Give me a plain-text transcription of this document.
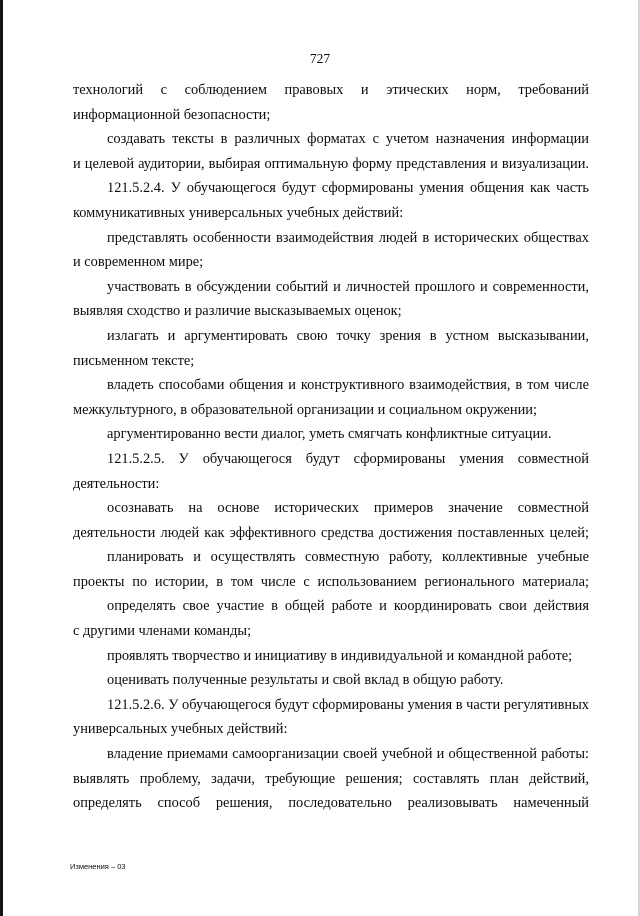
727
технологий с соблюдением правовых и этических норм, требований
информационной безопасности;
создавать тексты в различных форматах с учетом назначения информации
и целевой аудитории, выбирая оптимальную форму представления и визуализации.
121.5.2.4. У обучающегося будут сформированы умения общения как часть
коммуникативных универсальных учебных действий:
представлять особенности взаимодействия людей в исторических обществах
и современном мире;
участвовать в обсуждении событий и личностей прошлого и современности,
выявляя сходство и различие высказываемых оценок;
излагать и аргументировать свою точку зрения в устном высказывании,
письменном тексте;
владеть способами общения и конструктивного взаимодействия, в том числе
межкультурного, в образовательной организации и социальном окружении;
аргументированно вести диалог, уметь смягчать конфликтные ситуации.
121.5.2.5. У обучающегося будут сформированы умения совместной
деятельности:
осознавать на основе исторических примеров значение совместной
деятельности людей как эффективного средства достижения поставленных целей;
планировать и осуществлять совместную работу, коллективные учебные
проекты по истории, в том числе с использованием регионального материала;
определять свое участие в общей работе и координировать свои действия
с другими членами команды;
проявлять творчество и инициативу в индивидуальной и командной работе;
оценивать полученные результаты и свой вклад в общую работу.
121.5.2.6. У обучающегося будут сформированы умения в части регулятивных
универсальных учебных действий:
владение приемами самоорганизации своей учебной и общественной работы:
выявлять проблему, задачи, требующие решения; составлять план действий,
определять способ решения, последовательно реализовывать намеченный
Изменения – 03
